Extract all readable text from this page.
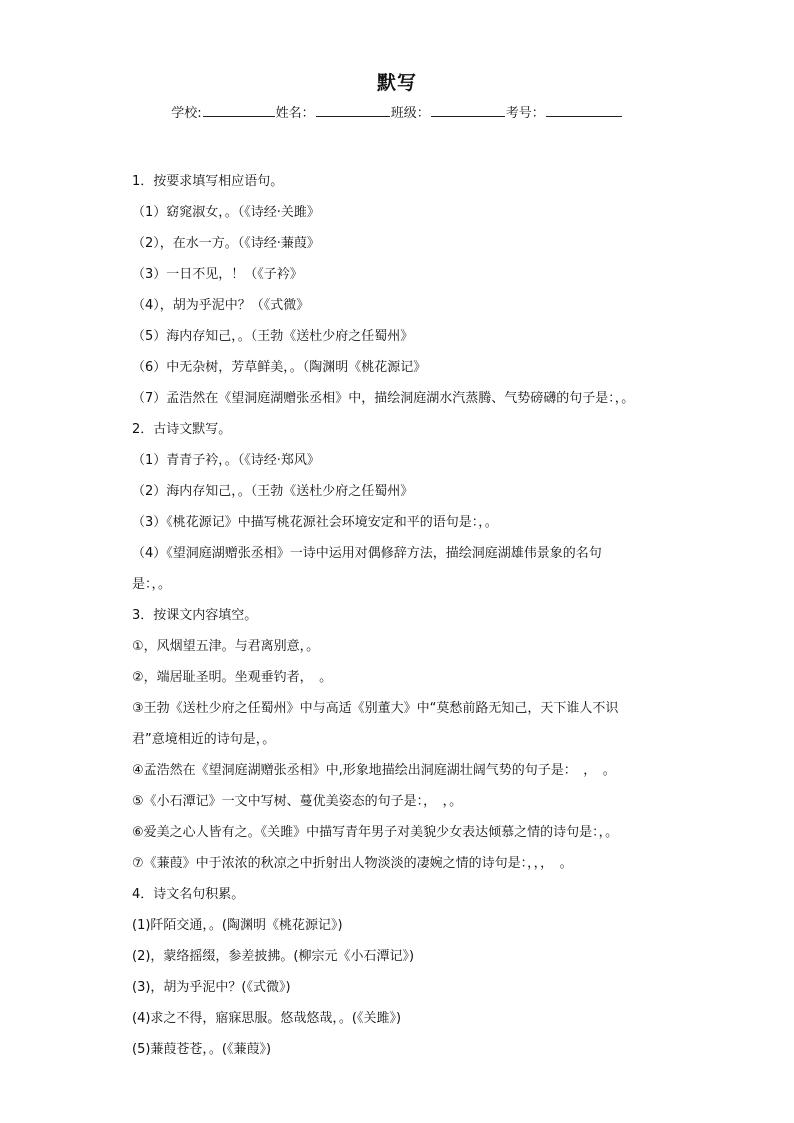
默写
学校:	姓名：	班级：	考号：
1．按要求填写相应语句。
（1）窈窕淑女，。（《诗经·关雎》
（2），在水一方。（《诗经·蒹葭》
（3）一日不见，！（《子衿》
（4），胡为乎泥中？（《式微》
（5）海内存知己，。（王勃《送杜少府之任蜀州》
（6）中无杂树，芳草鲜美，。（陶渊明《桃花源记》
（7）孟浩然在《望洞庭湖赠张丞相》中，描绘洞庭湖水汽蒸腾、气势磅礴的句子是：，。
2．古诗文默写。
（1）青青子衿，。（《诗经·郑风》
（2）海内存知己，。（王勃《送杜少府之任蜀州》
（3）《桃花源记》中描写桃花源社会环境安定和平的语句是：，。
（4）《望洞庭湖赠张丞相》一诗中运用对偶修辞方法，描绘洞庭湖雄伟景象的名句
是：，。
3．按课文内容填空。
①，风烟望五津。与君离别意，。
②，端居耻圣明。坐观垂钓者，　。
③王勃《送杜少府之任蜀州》中与高适《别董大》中“莫愁前路无知己，天下谁人不识
君”意境相近的诗句是，。
④孟浩然在《望洞庭湖赠张丞相》中,形象地描绘出洞庭湖壮阔气势的句子是：　，　。
⑤《小石潭记》一文中写树、蔓优美姿态的句子是：，　，。
⑥爱美之心人皆有之。《关雎》中描写青年男子对美貌少女表达倾慕之情的诗句是：，。
⑦《蒹葭》中于浓浓的秋凉之中折射出人物淡淡的凄婉之情的诗句是：，，，　。
4．诗文名句积累。
(1)阡陌交通，。(陶渊明《桃花源记》)
(2)，蒙络摇缀，参差披拂。(柳宗元《小石潭记》)
(3)，胡为乎泥中？(《式微》)
(4)求之不得，寤寐思服。悠哉悠哉，。(《关雎》)
(5)蒹葭苍苍，。(《蒹葭》)
